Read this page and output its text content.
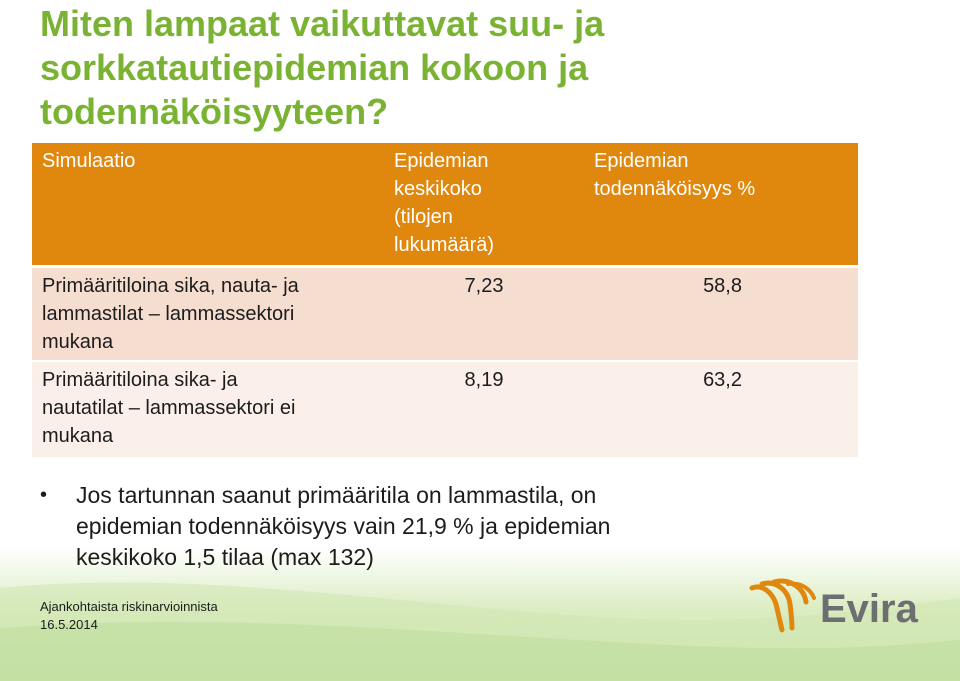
Miten lampaat vaikuttavat suu- ja
sorkkatautiepidemian kokoon ja
todennäköisyyteen?
Simulaatio	Epidemian
keskikoko
(tilojen
lukumäärä)	Epidemian
todennäköisyys %
Primääritiloina sika, nauta- ja
lammastilat – lammassektori
mukana	7,23	58,8
Primääritiloina sika- ja
nautatilat – lammassektori ei
mukana	8,19	63,2
• Jos tartunnan saanut primääritila on lammastila, on
epidemian todennäköisyys vain 21,9 % ja epidemian
keskikoko 1,5 tilaa (max 132)
Ajankohtaista riskinarvioinnista
16.5.2014	Evira
